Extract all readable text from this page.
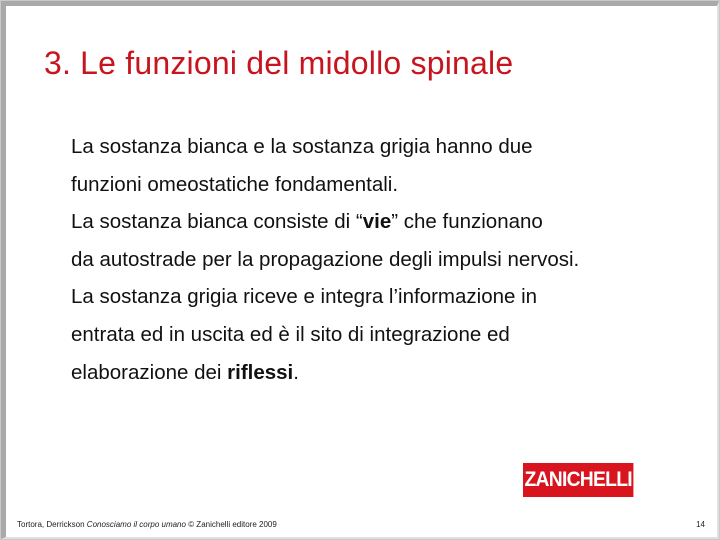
3. Le funzioni del midollo spinale
La sostanza bianca e la sostanza grigia hanno due
funzioni omeostatiche fondamentali.
La sostanza bianca consiste di “vie” che funzionano
da autostrade per la propagazione degli impulsi nervosi.
La sostanza grigia riceve e integra l’informazione in
entrata ed in uscita ed è il sito di integrazione ed
elaborazione dei riflessi.
ZANICHELLI
Tortora, Derrickson Conosciamo il corpo umano © Zanichelli editore 2009	14
